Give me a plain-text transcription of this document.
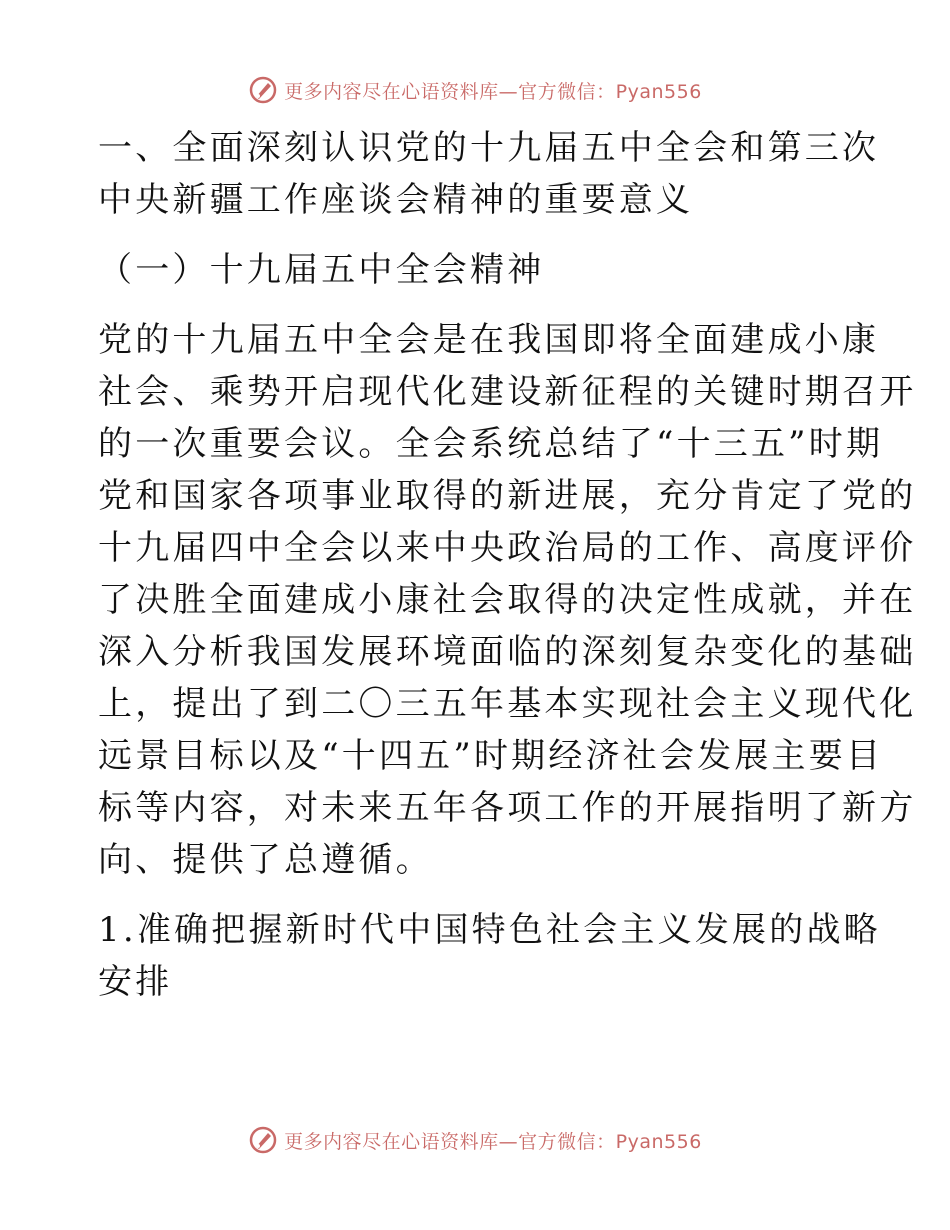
更多内容尽在心语资料库—官方微信：Pyan556
一、全面深刻认识党的十九届五中全会和第三次
中央新疆工作座谈会精神的重要意义
（一）十九届五中全会精神
党的十九届五中全会是在我国即将全面建成小康
社会、乘势开启现代化建设新征程的关键时期召开
的一次重要会议。全会系统总结了“十三五”时期
党和国家各项事业取得的新进展，充分肯定了党的
十九届四中全会以来中央政治局的工作、高度评价
了决胜全面建成小康社会取得的决定性成就，并在
深入分析我国发展环境面临的深刻复杂变化的基础
上，提出了到二〇三五年基本实现社会主义现代化
远景目标以及“十四五”时期经济社会发展主要目
标等内容，对未来五年各项工作的开展指明了新方
向、提供了总遵循。
1.准确把握新时代中国特色社会主义发展的战略
安排
更多内容尽在心语资料库—官方微信：Pyan556
